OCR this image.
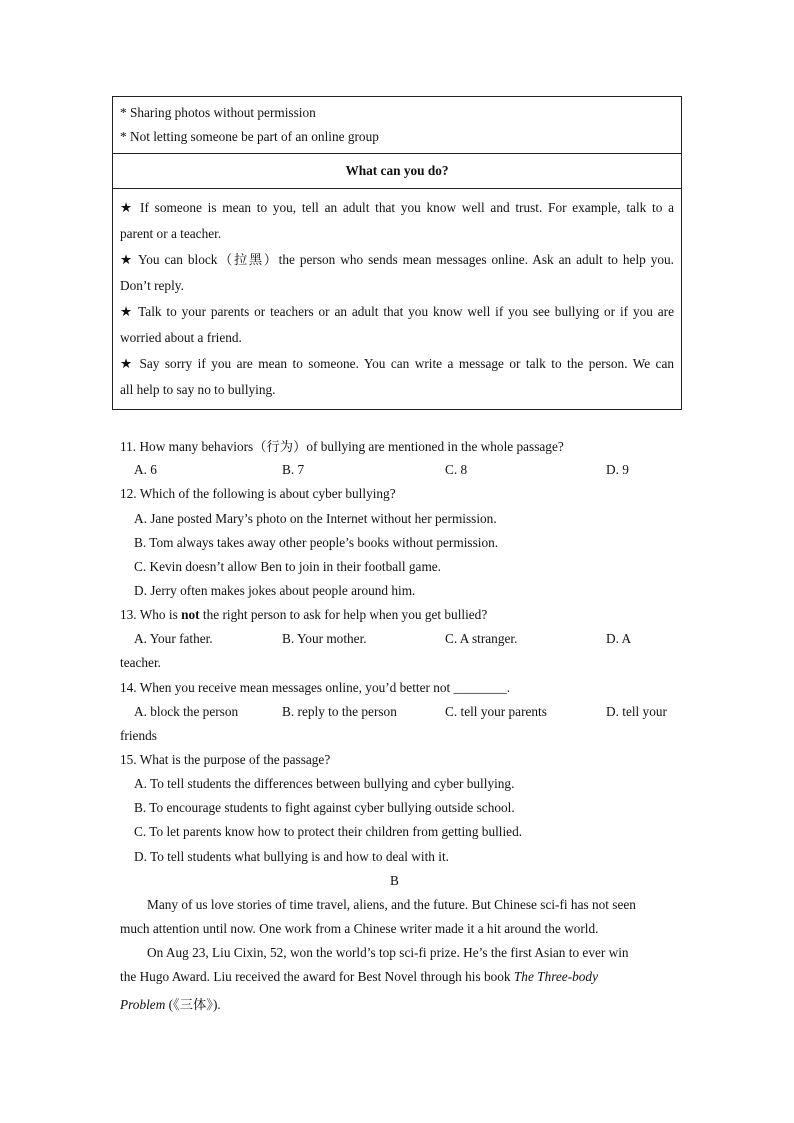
* Sharing photos without permission
* Not letting someone be part of an online group
What can you do?
★ If someone is mean to you, tell an adult that you know well and trust. For example, talk to a
parent or a teacher.
★ You can block（拉黑）the person who sends mean messages online. Ask an adult to help you.
Don’t reply.
★ Talk to your parents or teachers or an adult that you know well if you see bullying or if you are
worried about a friend.
★ Say sorry if you are mean to someone. You can write a message or talk to the person. We can
all help to say no to bullying.
11. How many behaviors（行为）of bullying are mentioned in the whole passage?
A. 6	B. 7	C. 8	D. 9
12. Which of the following is about cyber bullying?
A. Jane posted Mary’s photo on the Internet without her permission.
B. Tom always takes away other people’s books without permission.
C. Kevin doesn’t allow Ben to join in their football game.
D. Jerry often makes jokes about people around him.
13. Who is not the right person to ask for help when you get bullied?
A. Your father.	B. Your mother.	C. A stranger.	D. A
teacher.
14. When you receive mean messages online, you’d better not ________.
A. block the person	B. reply to the person	C. tell your parents	D. tell your
friends
15. What is the purpose of the passage?
A. To tell students the differences between bullying and cyber bullying.
B. To encourage students to fight against cyber bullying outside school.
C. To let parents know how to protect their children from getting bullied.
D. To tell students what bullying is and how to deal with it.
B
Many of us love stories of time travel, aliens, and the future. But Chinese sci-fi has not seen
much attention until now. One work from a Chinese writer made it a hit around the world.
On Aug 23, Liu Cixin, 52, won the world’s top sci-fi prize. He’s the first Asian to ever win
the Hugo Award. Liu received the award for Best Novel through his book The Three-body
Problem (《三体》).
